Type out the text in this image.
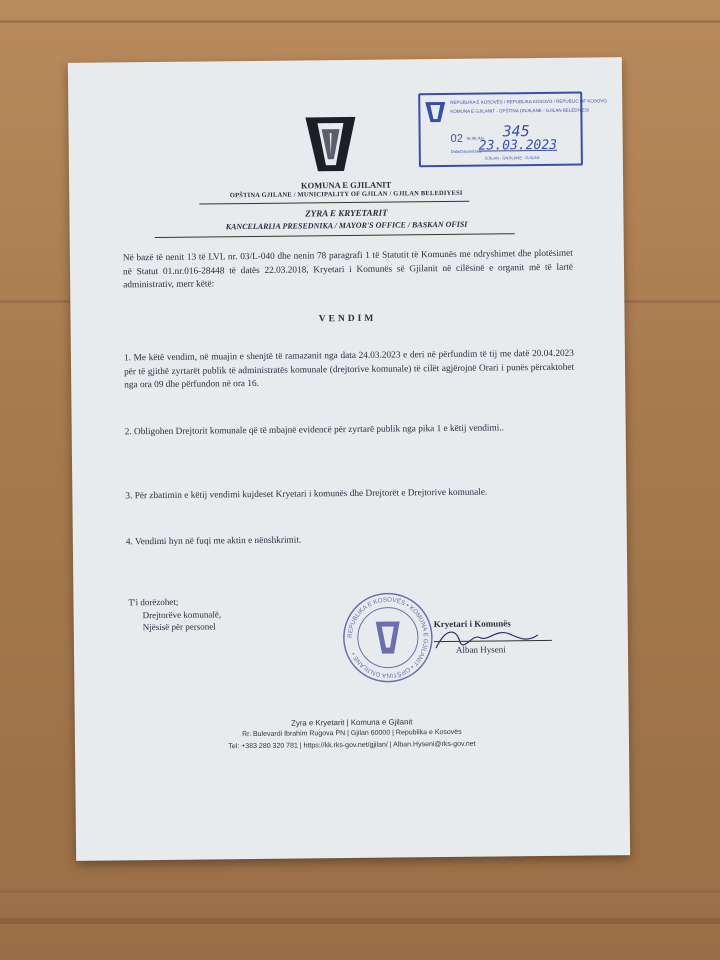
KOMUNA E GJILANIT
OPŠTINA GJILANE / MUNICIPALITY OF GJILAN / GJILAN BELEDIYESI
ZYRA E KRYETARIT
KANCELARIJA PRESEDNIKA / MAYOR'S OFFICE / BASKAN OFISI
REPUBLIKA E KOSOVËS / REPUBLIKA KOSOVO / REPUBLIC OF KOSOVO
KOMUNA E GJILANIT - OPŠTINA GNJILANE - GJILAN BELEDIYESI
02 Nr./Br./No 345
Data/Datum/Date
23.03.2023
GJILAN - GNJILANE - GJILAN
Në bazë të nenit 13 të LVL nr. 03/L-040 dhe nenin 78 paragrafi 1 të Statutit të Komunës me ndryshimet dhe plotësimet në Statut 01.nr.016-28448 të datës 22.03.2018, Kryetari i Komunës së Gjilanit në cilësinë e organit më të lartë administrativ, merr këtë:
VENDIM
1. Me këtë vendim, në muajin e shenjtë të ramazanit nga data 24.03.2023 e deri në përfundim të tij me datë 20.04.2023 për të gjithë zyrtarët publik të administratës komunale (drejtorive komunale) të cilët agjërojnë Orari i punës përcaktohet nga ora 09 dhe përfundon në ora 16.
2. Obligohen Drejtorit komunale që të mbajnë evidencë për zyrtarë publik nga pika 1 e këtij vendimi..
3. Për zbatimin e këtij vendimi kujdeset Kryetari i komunës dhe Drejtorët e Drejtorive komunale.
4. Vendimi hyn në fuqi me aktin e nënshkrimit.
T'i dorëzohet;
Drejtorëve komunalë,
Njësisë për personel
REPUBLIKA E KOSOVËS • KOMUNA E GJILANIT • OPŠTINA GNJILANE •
Kryetari i Komunës
Alban Hyseni
Zyra e Kryetarit | Komuna e Gjilanit
Rr. Bulevardi Ibrahim Rugova PN | Gjilan 60000 | Republika e Kosovës
Tel: +383 280 320 781 | https://kk.rks-gov.net/gjilan/ | Alban.Hyseni@rks-gov.net
